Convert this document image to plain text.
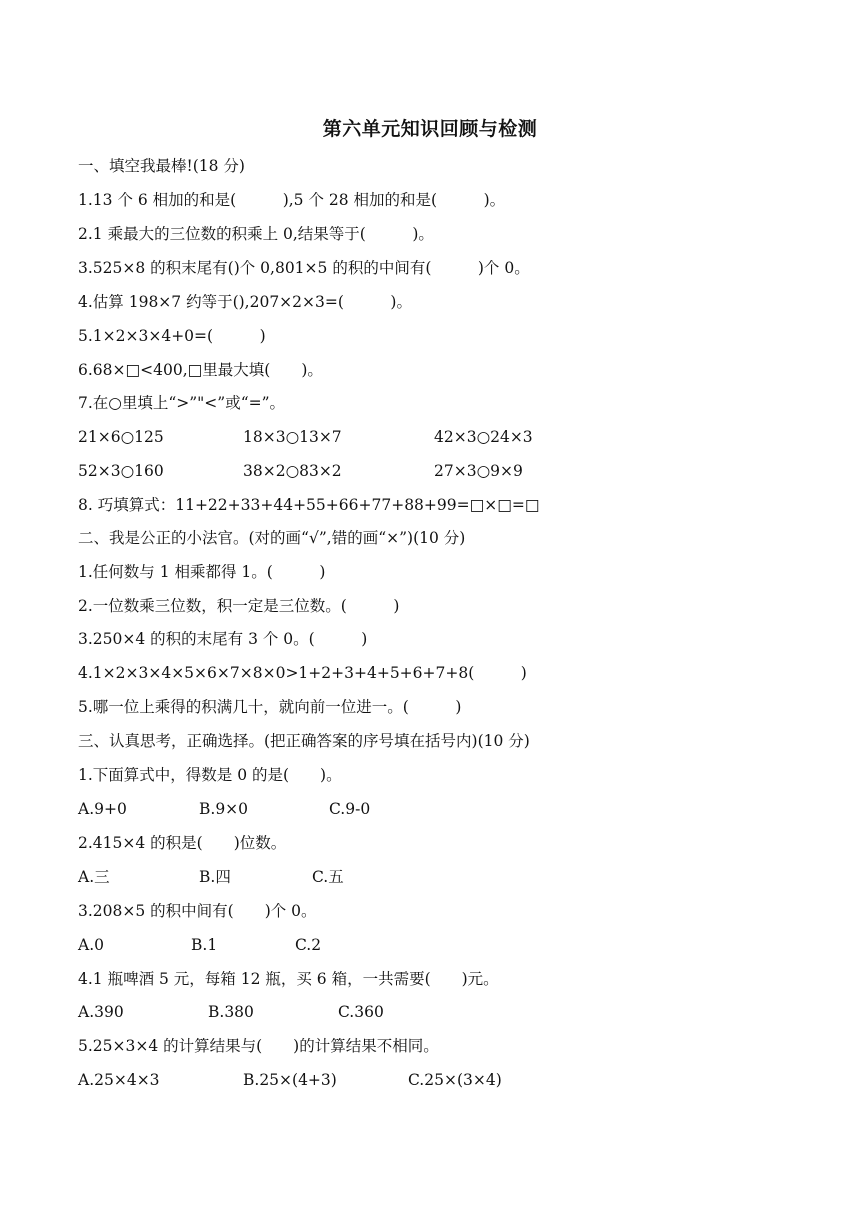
第六单元知识回顾与检测
一、填空我最棒!(18 分)
1.13 个 6 相加的和是(　　　),5 个 28 相加的和是(　　　)。
2.1 乘最大的三位数的积乘上 0,结果等于(　　　)。
3.525×8 的积末尾有()个 0,801×5 的积的中间有(　　　)个 0。
4.估算 198×7 约等于(),207×2×3=(　　　)。
5.1×2×3×4+0=(　　　)
6.68×□<400,□里最大填(　　)。
7.在○里填上“>”"<”或“=”。
21×6○125	18×3○13×7	42×3○24×3
52×3○160	38×2○83×2	27×3○9×9
8. 巧填算式：11+22+33+44+55+66+77+88+99=□×□=□
二、我是公正的小法官。(对的画“√”,错的画“×”)(10 分)
1.任何数与 1 相乘都得 1。(　　　)
2.一位数乘三位数，积一定是三位数。(　　　)
3.250×4 的积的末尾有 3 个 0。(　　　)
4.1×2×3×4×5×6×7×8×0>1+2+3+4+5+6+7+8(　　　)
5.哪一位上乘得的积满几十，就向前一位进一。(　　　)
三、认真思考，正确选择。(把正确答案的序号填在括号内)(10 分)
1.下面算式中，得数是 0 的是(　　)。
A.9+0	B.9×0	C.9-0
2.415×4 的积是(　　)位数。
A.三	B.四	C.五
3.208×5 的积中间有(　　)个 0。
A.0	B.1	C.2
4.1 瓶啤酒 5 元，每箱 12 瓶，买 6 箱，一共需要(　　)元。
A.390	B.380	C.360
5.25×3×4 的计算结果与(　　)的计算结果不相同。
A.25×4×3	B.25×(4+3)	C.25×(3×4)
